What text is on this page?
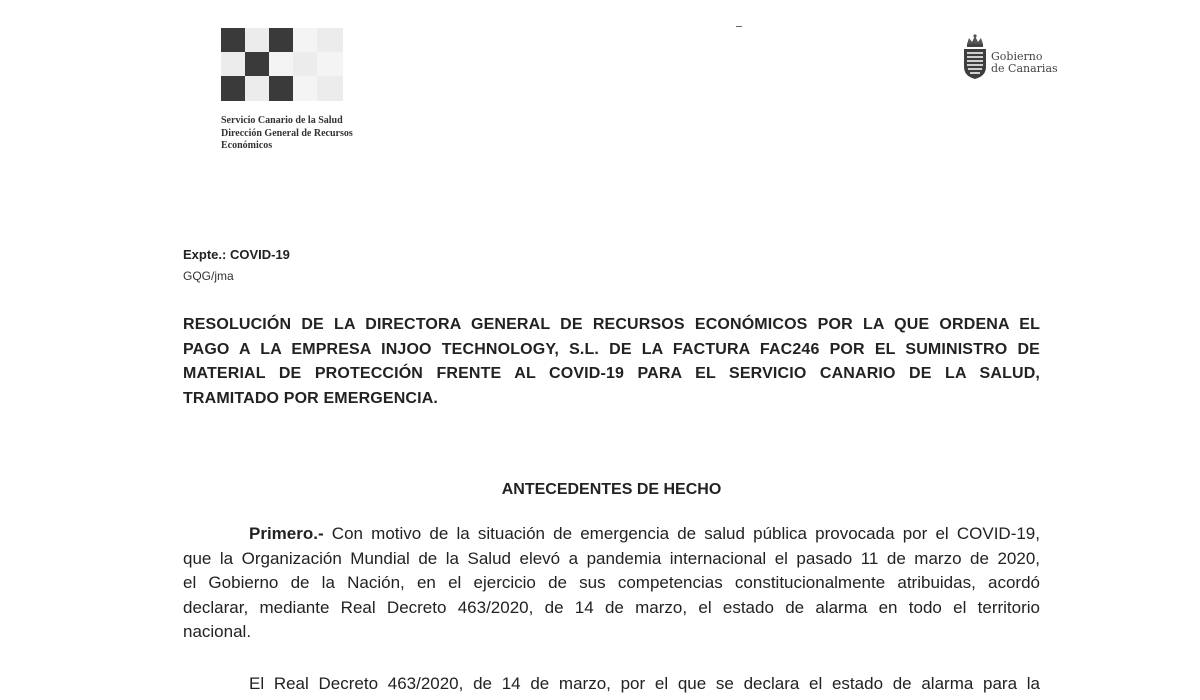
Servicio Canario de la Salud
Dirección General de Recursos
Económicos
Gobierno
de Canarias
Expte.: COVID-19
GQG/jma
RESOLUCIÓN DE LA DIRECTORA GENERAL DE RECURSOS ECONÓMICOS POR LA QUE ORDENA EL
PAGO A LA EMPRESA INJOO TECHNOLOGY, S.L. DE LA FACTURA FAC246 POR EL SUMINISTRO DE
MATERIAL DE PROTECCIÓN FRENTE AL COVID-19 PARA EL SERVICIO CANARIO DE LA SALUD,
TRAMITADO POR EMERGENCIA.
ANTECEDENTES DE HECHO
Primero.- Con motivo de la situación de emergencia de salud pública provocada por el COVID-19,
que la Organización Mundial de la Salud elevó a pandemia internacional el pasado 11 de marzo de 2020,
el Gobierno de la Nación, en el ejercicio de sus competencias constitucionalmente atribuidas, acordó
declarar, mediante Real Decreto 463/2020, de 14 de marzo, el estado de alarma en todo el territorio
nacional.
El Real Decreto 463/2020, de 14 de marzo, por el que se declara el estado de alarma para la
